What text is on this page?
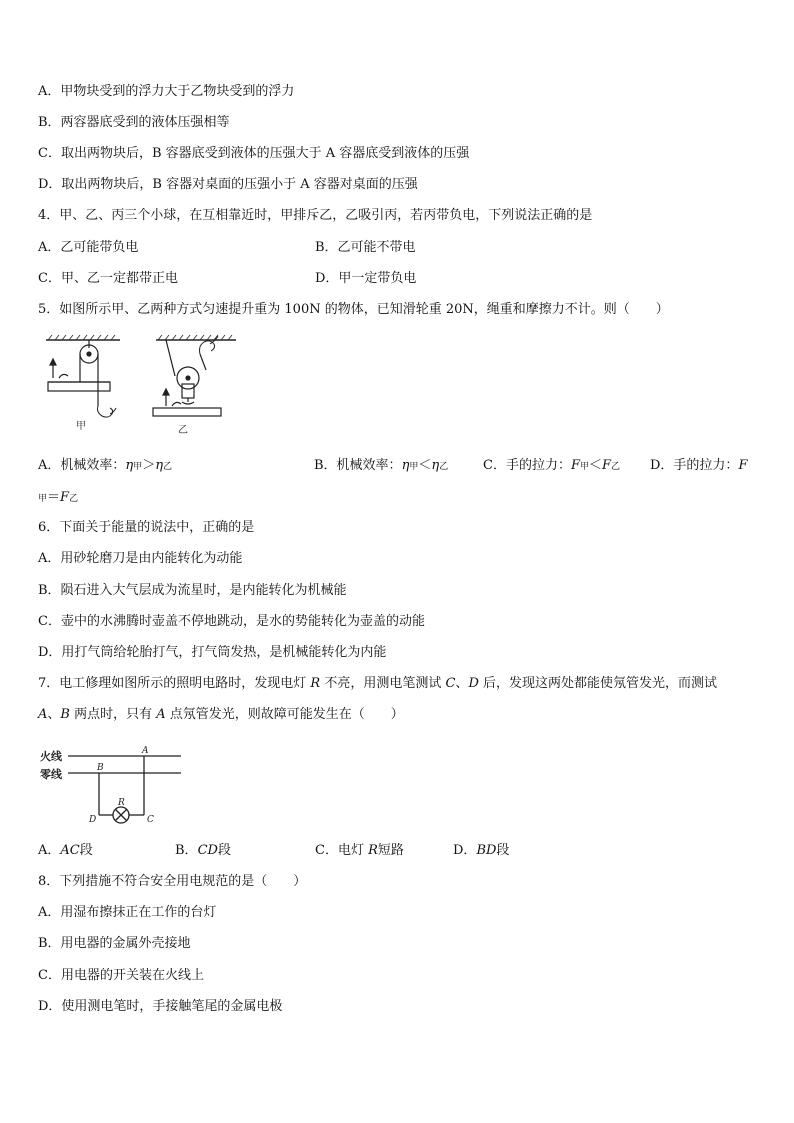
A．甲物块受到的浮力大于乙物块受到的浮力
B．两容器底受到的液体压强相等
C．取出两物块后，B 容器底受到液体的压强大于 A 容器底受到液体的压强
D．取出两物块后，B 容器对桌面的压强小于 A 容器对桌面的压强
4．甲、乙、丙三个小球，在互相靠近时，甲排斥乙，乙吸引丙，若丙带负电，下列说法正确的是
A．乙可能带负电	B．乙可能不带电
C．甲、乙一定都带正电	D．甲一定带负电
5．如图所示甲、乙两种方式匀速提升重为 100N 的物体，已知滑轮重 20N，绳重和摩擦力不计。则（　　）
甲	乙
A．机械效率：η甲＞η乙	B．机械效率：η甲＜η乙	C．手的拉力：F甲＜F乙 D．手的拉力：F
甲＝F乙
6．下面关于能量的说法中，正确的是
A．用砂轮磨刀是由内能转化为动能
B．陨石进入大气层成为流星时，是内能转化为机械能
C．壶中的水沸腾时壶盖不停地跳动，是水的势能转化为壶盖的动能
D．用打气筒给轮胎打气，打气筒发热，是机械能转化为内能
7．电工修理如图所示的照明电路时，发现电灯 R 不亮，用测电笔测试 C、D 后，发现这两处都能使氖管发光，而测试
A、B 两点时，只有 A 点氖管发光，则故障可能发生在（　　）
火线
零线
A
B
C
D
R
A．AC段	B．CD段	C．电灯 R短路	D．BD段
8．下列措施不符合安全用电规范的是（　　）
A．用湿布擦抹正在工作的台灯
B．用电器的金属外壳接地
C．用电器的开关装在火线上
D．使用测电笔时，手接触笔尾的金属电极
